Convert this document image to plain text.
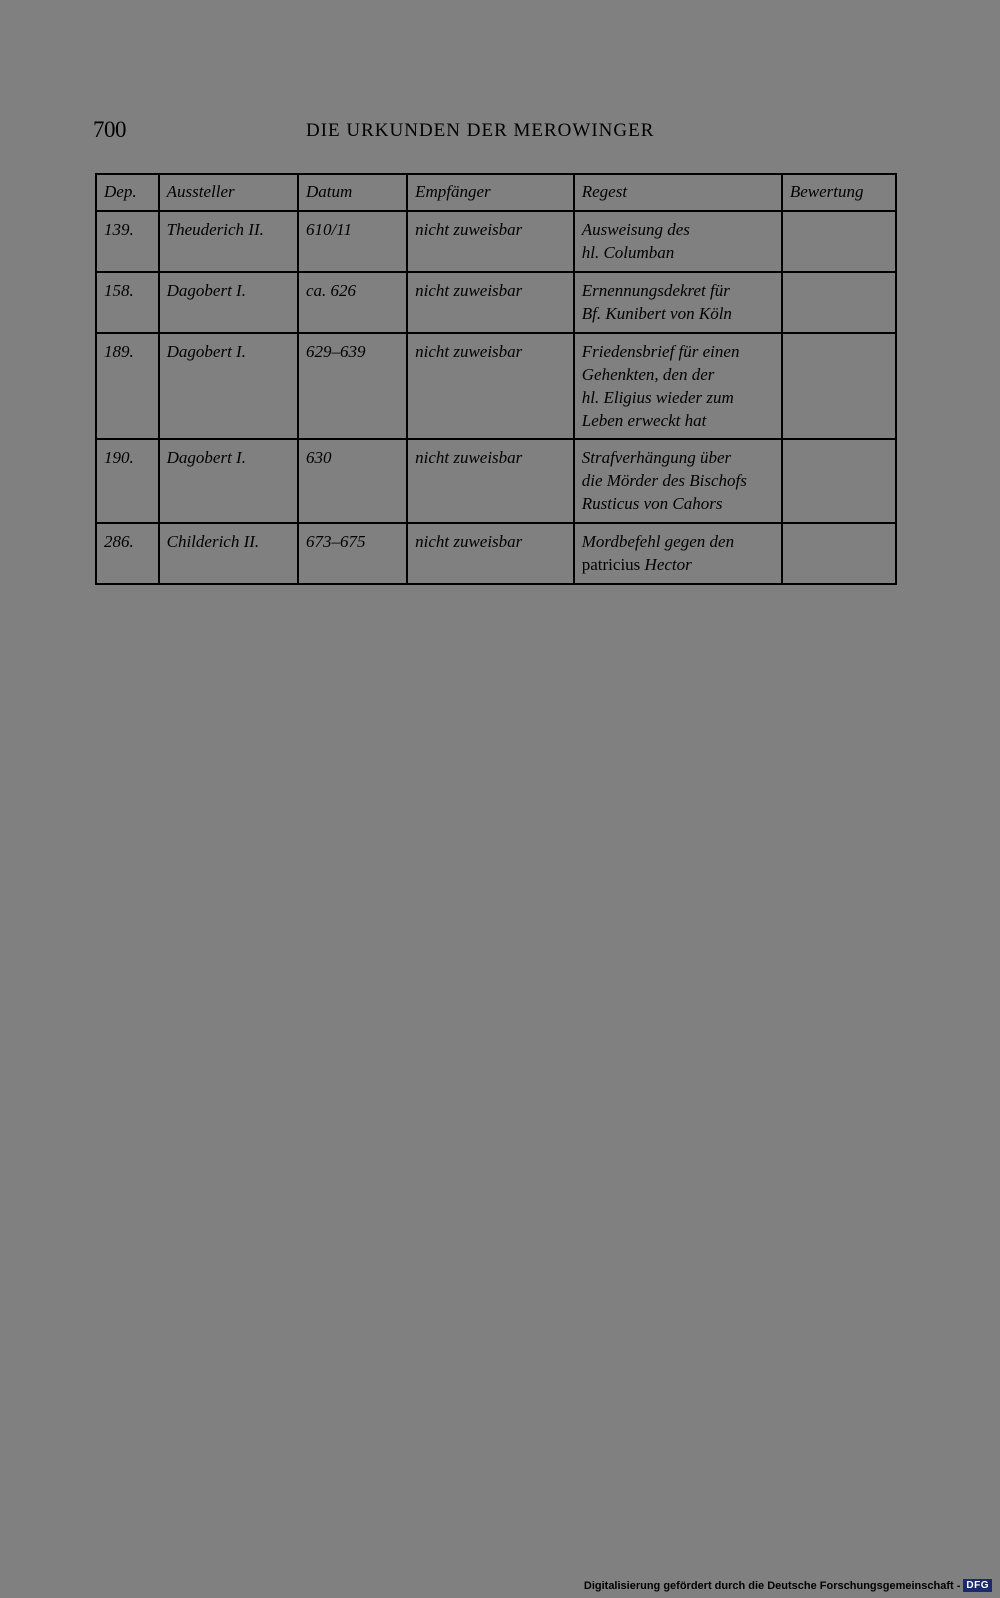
700	DIE URKUNDEN DER MEROWINGER
Dep.	Aussteller	Datum	Empfänger	Regest	Bewertung
139.	Theuderich II.	610/11	nicht zuweisbar	Ausweisung des
hl. Columban	

158.	Dagobert I.	ca. 626	nicht zuweisbar	Ernennungsdekret für
Bf. Kunibert von Köln	

189.	Dagobert I.	629–639	nicht zuweisbar	Friedensbrief für einen
Gehenkten, den der
hl. Eligius wieder zum
Leben erweckt hat	

190.	Dagobert I.	630	nicht zuweisbar	Strafverhängung über
die Mörder des Bischofs
Rusticus von Cahors	

286.	Childerich II.	673–675	nicht zuweisbar	Mordbefehl gegen den
patricius Hector	

Digitalisierung gefördert durch die Deutsche Forschungsgemeinschaft - DFG
